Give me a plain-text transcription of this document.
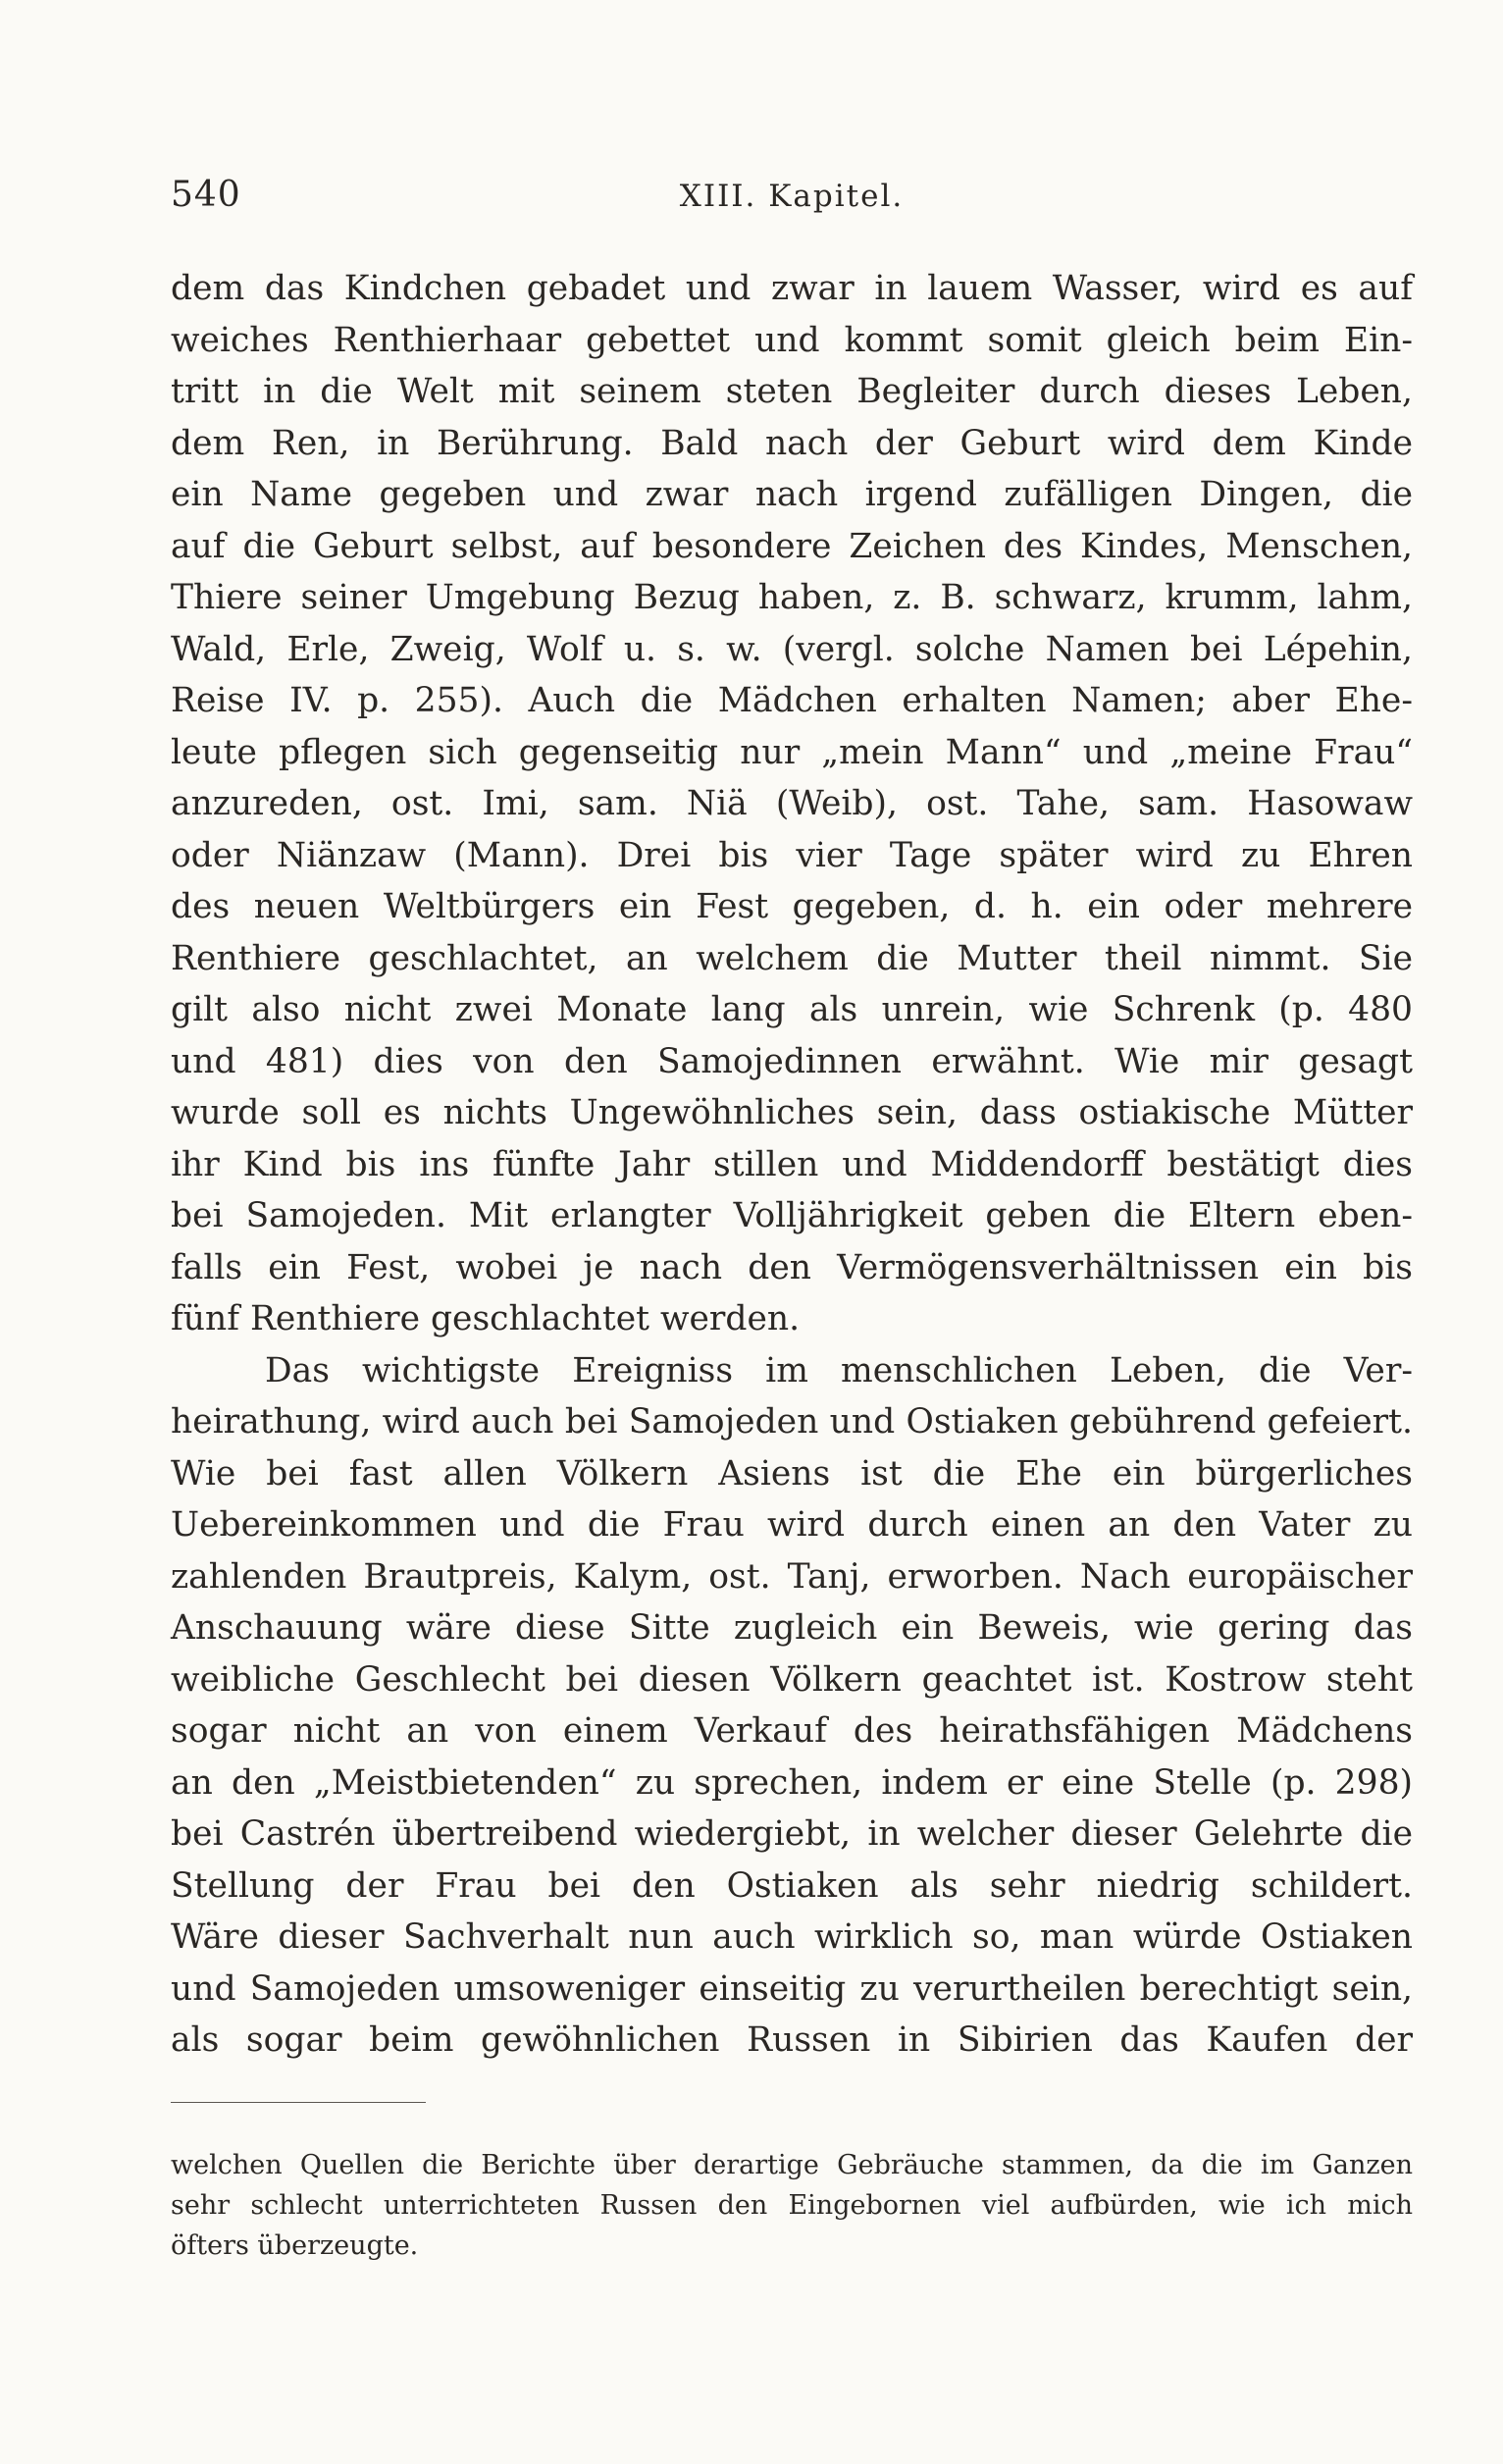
540	XIII. Kapitel.
dem das Kindchen gebadet und zwar in lauem Wasser, wird es auf
weiches Renthierhaar gebettet und kommt somit gleich beim Ein-
tritt in die Welt mit seinem steten Begleiter durch dieses Leben,
dem Ren, in Berührung. Bald nach der Geburt wird dem Kinde
ein Name gegeben und zwar nach irgend zufälligen Dingen, die
auf die Geburt selbst, auf besondere Zeichen des Kindes, Menschen,
Thiere seiner Umgebung Bezug haben, z. B. schwarz, krumm, lahm,
Wald, Erle, Zweig, Wolf u. s. w. (vergl. solche Namen bei Lépehin,
Reise IV. p. 255). Auch die Mädchen erhalten Namen; aber Ehe-
leute pflegen sich gegenseitig nur „mein Mann“ und „meine Frau“
anzureden, ost. Imi, sam. Niä (Weib), ost. Tahe, sam. Hasowaw
oder Niänzaw (Mann). Drei bis vier Tage später wird zu Ehren
des neuen Weltbürgers ein Fest gegeben, d. h. ein oder mehrere
Renthiere geschlachtet, an welchem die Mutter theil nimmt. Sie
gilt also nicht zwei Monate lang als unrein, wie Schrenk (p. 480
und 481) dies von den Samojedinnen erwähnt. Wie mir gesagt
wurde soll es nichts Ungewöhnliches sein, dass ostiakische Mütter
ihr Kind bis ins fünfte Jahr stillen und Middendorff bestätigt dies
bei Samojeden. Mit erlangter Volljährigkeit geben die Eltern eben-
falls ein Fest, wobei je nach den Vermögensverhältnissen ein bis
fünf Renthiere geschlachtet werden.
Das wichtigste Ereigniss im menschlichen Leben, die Ver-
heirathung, wird auch bei Samojeden und Ostiaken gebührend gefeiert.
Wie bei fast allen Völkern Asiens ist die Ehe ein bürgerliches
Uebereinkommen und die Frau wird durch einen an den Vater zu
zahlenden Brautpreis, Kalym, ost. Tanj, erworben. Nach europäischer
Anschauung wäre diese Sitte zugleich ein Beweis, wie gering das
weibliche Geschlecht bei diesen Völkern geachtet ist. Kostrow steht
sogar nicht an von einem Verkauf des heirathsfähigen Mädchens
an den „Meistbietenden“ zu sprechen, indem er eine Stelle (p. 298)
bei Castrén übertreibend wiedergiebt, in welcher dieser Gelehrte die
Stellung der Frau bei den Ostiaken als sehr niedrig schildert.
Wäre dieser Sachverhalt nun auch wirklich so, man würde Ostiaken
und Samojeden umsoweniger einseitig zu verurtheilen berechtigt sein,
als sogar beim gewöhnlichen Russen in Sibirien das Kaufen der
welchen Quellen die Berichte über derartige Gebräuche stammen, da die im Ganzen
sehr schlecht unterrichteten Russen den Eingebornen viel aufbürden, wie ich mich
öfters überzeugte.
